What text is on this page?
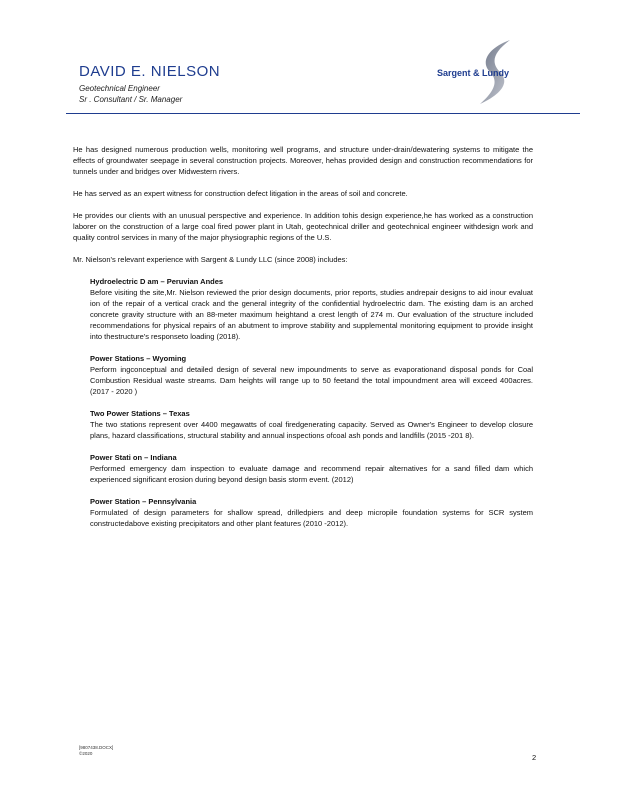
DAVID E. NIELSON
Geotechnical Engineer
Sr . Consultant / Sr. Manager
Sargent & Lundy

He has designed numerous production wells, monitoring well programs, and structure under-drain/dewatering systems to mitigate the effects of groundwater seepage in several construction projects. Moreover, hehas provided design and construction recommendations for tunnels under and bridges over Midwestern rivers.

He has served as an expert witness for construction defect litigation in the areas of soil and concrete.

He provides our clients with an unusual perspective and experience. In addition tohis design experience,he has worked as a construction laborer on the construction of a large coal fired power plant in Utah, geotechnical driller and geotechnical engineer withdesign work and quality control services in many of the major physiographic regions of the U.S.

Mr. Nielson's relevant experience with Sargent & Lundy LLC (since 2008) includes:

Hydroelectric D am – Peruvian Andes
Before visiting the site,Mr. Nielson reviewed the prior design documents, prior reports, studies andrepair designs to aid inour evaluat ion of the repair of a vertical crack and the general integrity of the confidential hydroelectric dam. The existing dam is an arched concrete gravity structure with an 88-meter maximum heightand a crest length of 274 m. Our evaluation of the structure included recommendations for physical repairs of an abutment to improve stability and supplemental monitoring equipment to provide insight into thestructure's responseto loading (2018).
Power Stations – Wyoming
Perform ingconceptual and detailed design of several new impoundments to serve as evaporationand disposal ponds for Coal Combustion Residual waste streams. Dam heights will range up to 50 feetand the total impoundment area will exceed 400acres. (2017 - 2020 )
Two Power Stations – Texas
The two stations represent over 4400 megawatts of coal firedgenerating capacity. Served as Owner's Engineer to develop closure plans, hazard classifications, structural stability and annual inspections ofcoal ash ponds and landfills (2015 -201 8).
Power Stati on – Indiana
Performed emergency dam inspection to evaluate damage and recommend repair alternatives for a sand filled dam which experienced significant erosion during beyond design basis storm event. (2012)
Power Station – Pennsylvania
Formulated of design parameters for shallow spread, drilledpiers and deep micropile foundation systems for SCR system constructedabove existing precipitators and other plant features (2010 -2012).
[9807438.DOCX]
©2020	2
